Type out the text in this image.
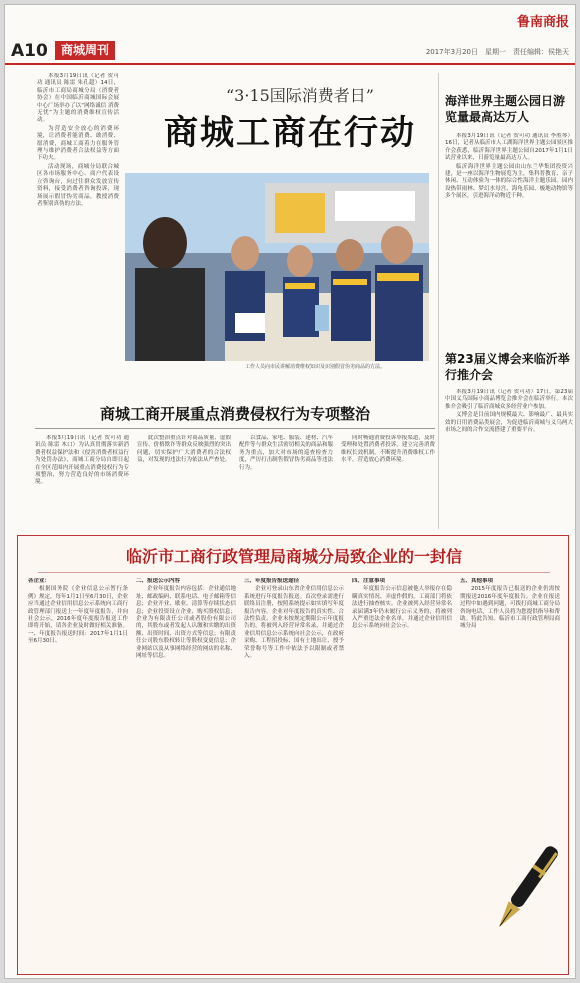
鲁南商报
A10	商城周刊	2017年3月20日　星期一　责任编辑：侯艳天

本报3月19日讯（记者 贺可功 通讯员 陈雷 朱孔超）14日，临沂市工商局商城分局（消费者协会）在中国临沂商城国际会展中心广场举办了以“网络诚信 消费无忧”为主题的消费维权宣传活动。

为营造安全放心的消费环境，让消费者能消费、敢消费、愿消费，商城工商着力在服务管理与维护消费者合法权益等方面下功夫。

活动现场，商城分局联合城区各市场服务中心、商户代表设立咨询台，向过往群众发放宣传资料，接受消费者咨询投诉，现场展示假冒伪劣商品，教授消费者鉴别真伪的方法。

“3·15国际消费者日”
商城工商在行动
工作人员向市民讲解消费维权知识及识别假冒伪劣商品的方法。
海洋世界主题公园日游览量最高达万人

本报3月19日讯（记者 贺可功 通讯员 李胜琴）16日，记者从临沂市人工湖海洋世界主题公园景区推介会获悉，临沂海洋世界主题公园自2017年1月1日试营业以来，日游览量最高达万人。

临沂海洋世界主题公园由山东兰华集团投资兴建，是一座以海洋生物展览为主，集科普教育、亲子休闲、互动体验为一体的综合性海洋主题乐园。园内设热带雨林、梦幻水母宫、海龟乐园、极地动物馆等多个展区，引进海洋动物近千种。

第23届义博会来临沂举行推介会

本报3月19日讯（记者 贺可功）17日，第23届中国义乌国际小商品博览会推介会在临沂举行。本次推介会吸引了临沂商城众多经营业户参加。

义博会是目前国内规模最大、影响最广、最具实效的日用消费品类展会，为促进临沂商城与义乌两大市场之间的合作交流搭建了重要平台。

商城工商开展重点消费侵权行为专项整治
本报3月19日讯（记者 贺可功 通讯员 陈雷 木口）为认真贯彻落实新消费者权益保护法和《侵害消费者权益行为处罚办法》，商城工商分局自即日起在全区范围内开展重点消费侵权行为专项整治，努力营造良好的市场消费环境。
此次整治重点针对商品质量、虚假宣传、价格欺诈等群众反映强烈的突出问题，切实保护广大消费者的合法权益，对发现的违法行为依法从严查处。
以食品、家电、服装、建材、汽车配件等与群众生活密切相关的商品和服务为重点，加大对市场的巡查检查力度，严厉打击制售假冒伪劣商品等违法行为。
同时畅通消费投诉举报渠道，及时受理和处置消费者投诉，建立完善消费维权长效机制，不断提升消费维权工作水平，营造放心消费环境。
临沂市工商行政管理局商城分局致企业的一封信

各企业：

根据国务院《企业信息公示暂行条例》规定，每年1月1日至6月30日，企业应当通过企业信用信息公示系统向工商行政管理部门报送上一年度年度报告，并向社会公示。2016年度年度报告报送工作即将开始，请各企业及时做好相关准备。一、年度报告报送时间：2017年1月1日至6月30日。

二、报送公示内容

企业年度报告内容包括：企业通信地址、邮政编码、联系电话、电子邮箱等信息；企业开业、歇业、清算等存续状态信息；企业投资设立企业、购买股权信息；企业为有限责任公司或者股份有限公司的，其股东或者发起人认缴和实缴的出资额、出资时间、出资方式等信息；有限责任公司股东股权转让等股权变更信息；企业网站以及从事网络经营的网店的名称、网址等信息。

三、年度报告报送途径

企业可登录山东省企业信用信息公示系统进行年度报告报送。首次登录需进行联络员注册，按照系统提示如实填写年度报告内容。企业对年度报告的真实性、合法性负责。企业未按规定期限公示年度报告的，将被列入经营异常名录，并通过企业信用信息公示系统向社会公示，在政府采购、工程招投标、国有土地出让、授予荣誉称号等工作中依法予以限制或者禁入。

四、注意事项

年度报告公示信息被他人举报存在隐瞒真实情况、弄虚作假的，工商部门将依法进行抽查核实。企业被列入经营异常名录届满3年仍未履行公示义务的，将被列入严重违法企业名单，并通过企业信用信息公示系统向社会公示。

五、其他事项

2015年度报告已报送的企业仍需按期报送2016年度年度报告。企业在报送过程中如遇到问题，可拨打商城工商分局咨询电话，工作人员将为您提供指导和帮助。特此告知。临沂市工商行政管理局商城分局
